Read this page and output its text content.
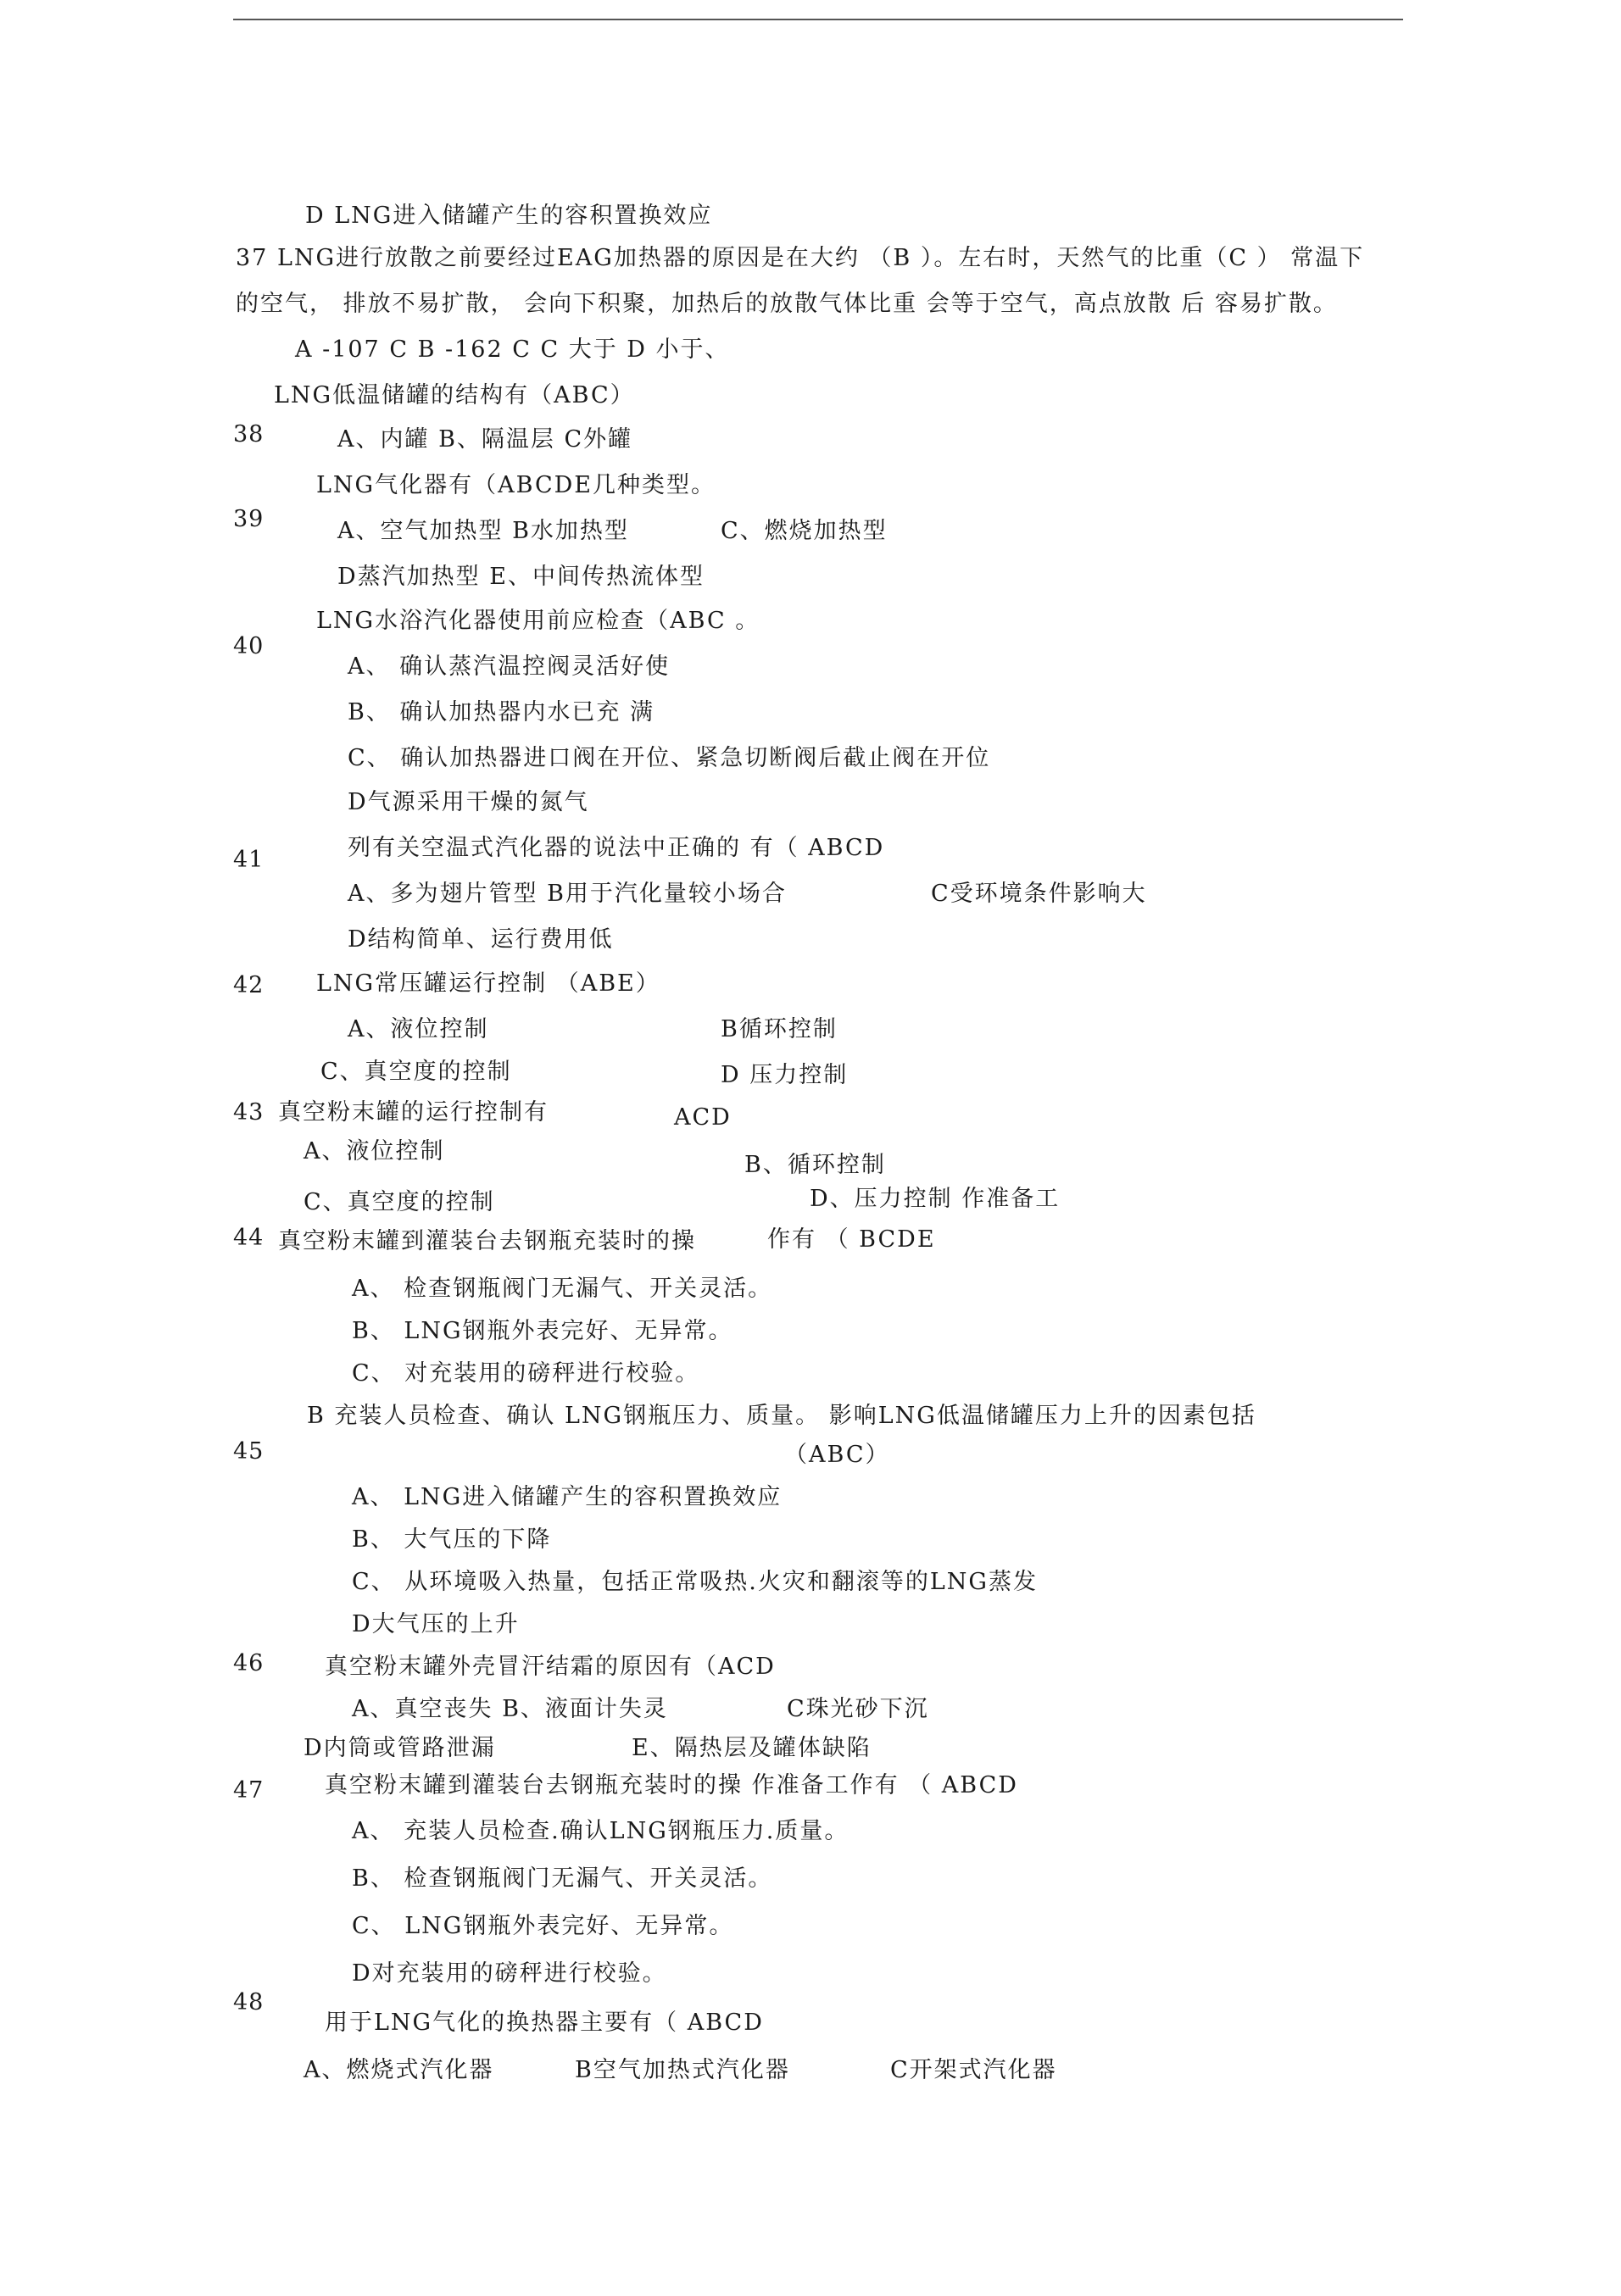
D LNG进入储罐产生的容积置换效应
37 LNG进行放散之前要经过EAG加热器的原因是在大约 （B ）。左右时，天然气的比重（C ） 常温下
的空气， 排放不易扩散， 会向下积聚，加热后的放散气体比重 会等于空气，高点放散 后 容易扩散。
A -107 C B -162 C C 大于 D 小于、
LNG低温储罐的结构有（ABC）
A、内罐 B、隔温层 C外罐
LNG气化器有（ABCDE几种类型。
A、空气加热型 B水加热型	C、燃烧加热型
D蒸汽加热型 E、中间传热流体型
LNG水浴汽化器使用前应检查（ABC 。
A、 确认蒸汽温控阀灵活好使
B、 确认加热器内水已充 满
C、 确认加热器进口阀在开位、紧急切断阀后截止阀在开位
D气源采用干燥的氮气
列有关空温式汽化器的说法中正确的 有（ ABCD
A、多为翅片管型 B用于汽化量较小场合	C受环境条件影响大
D结构简单、运行费用低
LNG常压罐运行控制 （ABE）
A、液位控制	B循环控制
C、真空度的控制	D 压力控制
真空粉末罐的运行控制有	ACD
A、液位控制
B、循环控制
C、真空度的控制	D、压力控制 作准备工
真空粉末罐到灌装台去钢瓶充装时的操	作有 （ BCDE
A、 检查钢瓶阀门无漏气、开关灵活。
B、 LNG钢瓶外表完好、无异常。
C、 对充装用的磅秤进行校验。
B 充装人员检查、确认 LNG钢瓶压力、质量。 影响LNG低温储罐压力上升的因素包括
（ABC）
A、 LNG进入储罐产生的容积置换效应
B、 大气压的下降
C、 从环境吸入热量，包括正常吸热.火灾和翻滚等的LNG蒸发
D大气压的上升
真空粉末罐外壳冒汗结霜的原因有（ACD
A、真空丧失 B、液面计失灵	C珠光砂下沉
D内筒或管路泄漏	E、隔热层及罐体缺陷
真空粉末罐到灌装台去钢瓶充装时的操 作准备工作有 （ ABCD
A、 充装人员检查.确认LNG钢瓶压力.质量。
B、 检查钢瓶阀门无漏气、开关灵活。
C、 LNG钢瓶外表完好、无异常。
D对充装用的磅秤进行校验。
用于LNG气化的换热器主要有（ ABCD
A、燃烧式汽化器	B空气加热式汽化器	C开架式汽化器
38
39
40
41
42
43
44
45
46
47
48
